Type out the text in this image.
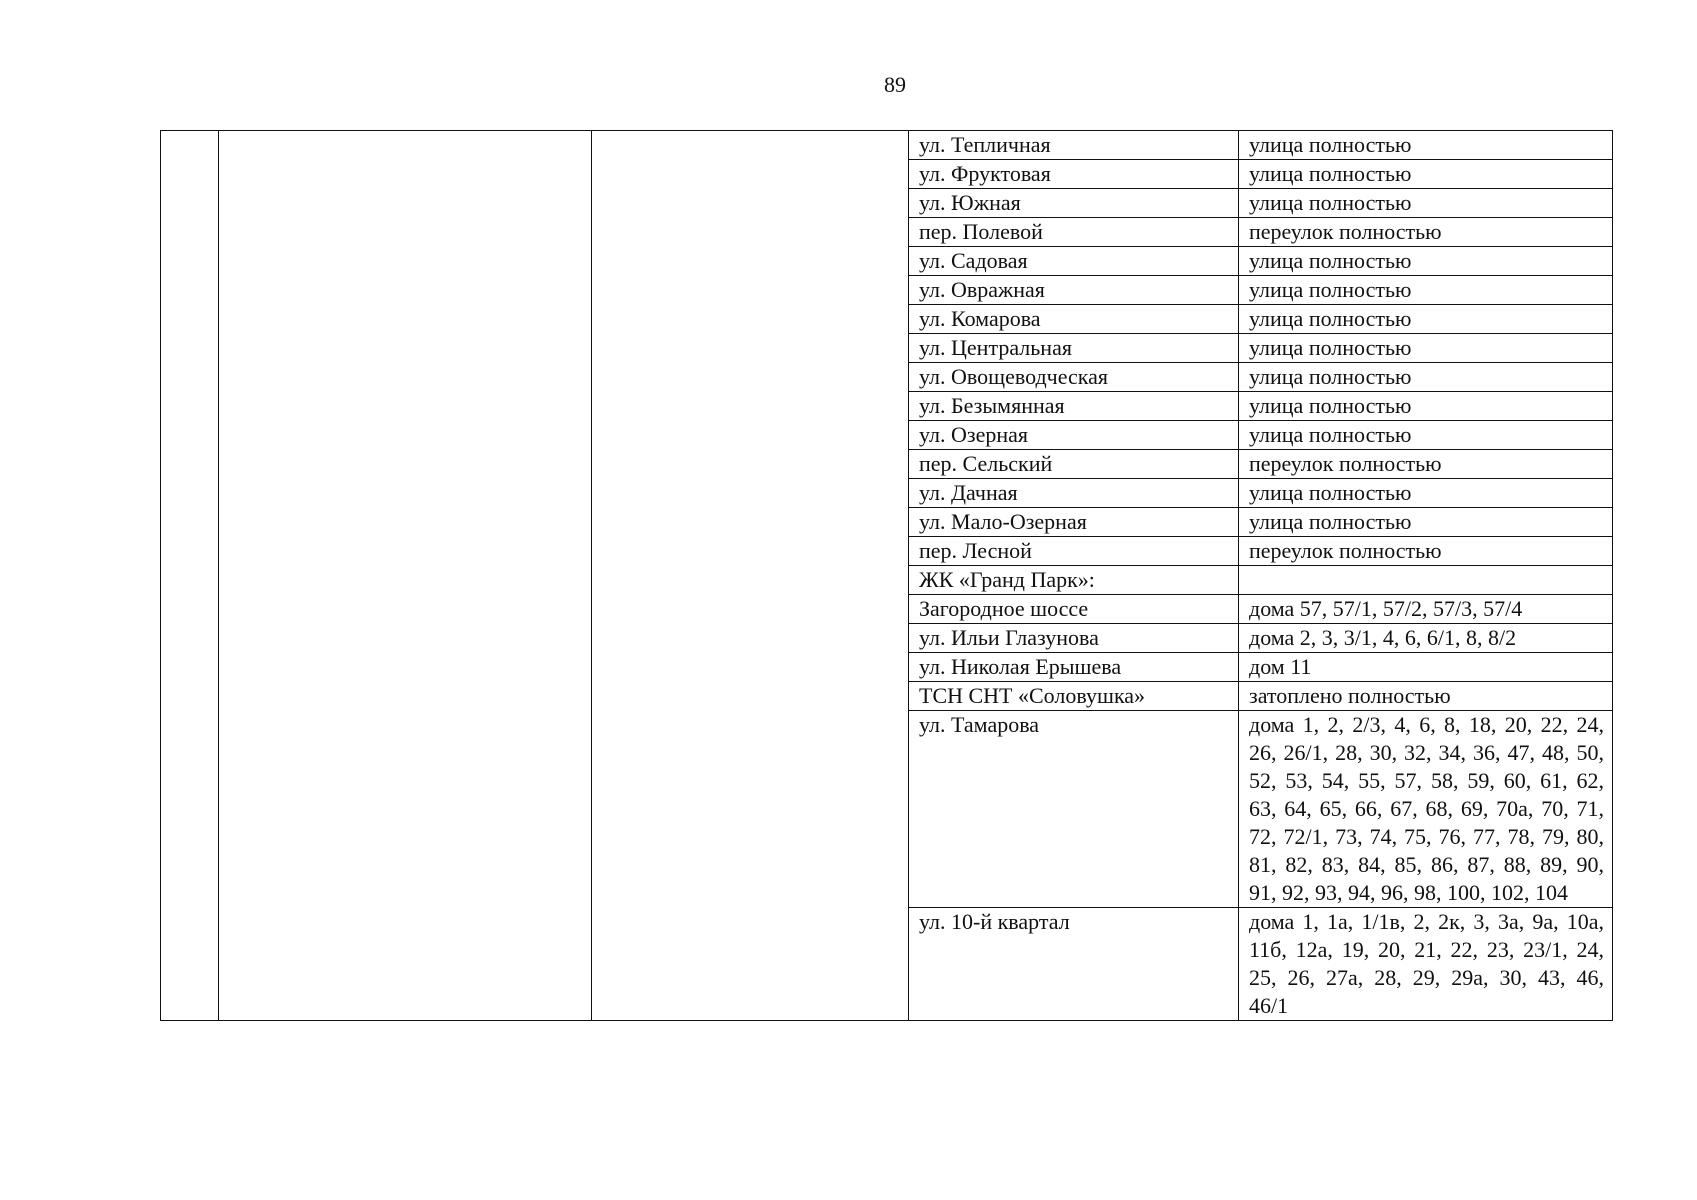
89
			ул. Тепличная	улица полностью
			ул. Фруктовая	улица полностью
			ул. Южная	улица полностью
			пер. Полевой	переулок полностью
			ул. Садовая	улица полностью
			ул. Овражная	улица полностью
			ул. Комарова	улица полностью
			ул. Центральная	улица полностью
			ул. Овощеводческая	улица полностью
			ул. Безымянная	улица полностью
			ул. Озерная	улица полностью
			пер. Сельский	переулок полностью
			ул. Дачная	улица полностью
			ул. Мало-Озерная	улица полностью
			пер. Лесной	переулок полностью
			ЖК «Гранд Парк»:	
			Загородное шоссе	дома 57, 57/1, 57/2, 57/3, 57/4
			ул. Ильи Глазунова	дома 2, 3, 3/1, 4, 6, 6/1, 8, 8/2
			ул. Николая Ерышева	дом 11
			ТСН СНТ «Соловушка»	затоплено полностью
			ул. Тамарова	дома 1, 2, 2/3, 4, 6, 8, 18, 20, 22, 24, 26, 26/1, 28, 30, 32, 34, 36, 47, 48, 50, 52, 53, 54, 55, 57, 58, 59, 60, 61, 62, 63, 64, 65, 66, 67, 68, 69, 70а, 70, 71, 72, 72/1, 73, 74, 75, 76, 77, 78, 79, 80, 81, 82, 83, 84, 85, 86, 87, 88, 89, 90, 91, 92, 93, 94, 96, 98, 100, 102, 104
			ул. 10-й квартал	дома 1, 1а, 1/1в, 2, 2к, 3, 3а, 9а, 10а, 11б, 12а, 19, 20, 21, 22, 23, 23/1, 24, 25, 26, 27а, 28, 29, 29а, 30, 43, 46, 46/1
